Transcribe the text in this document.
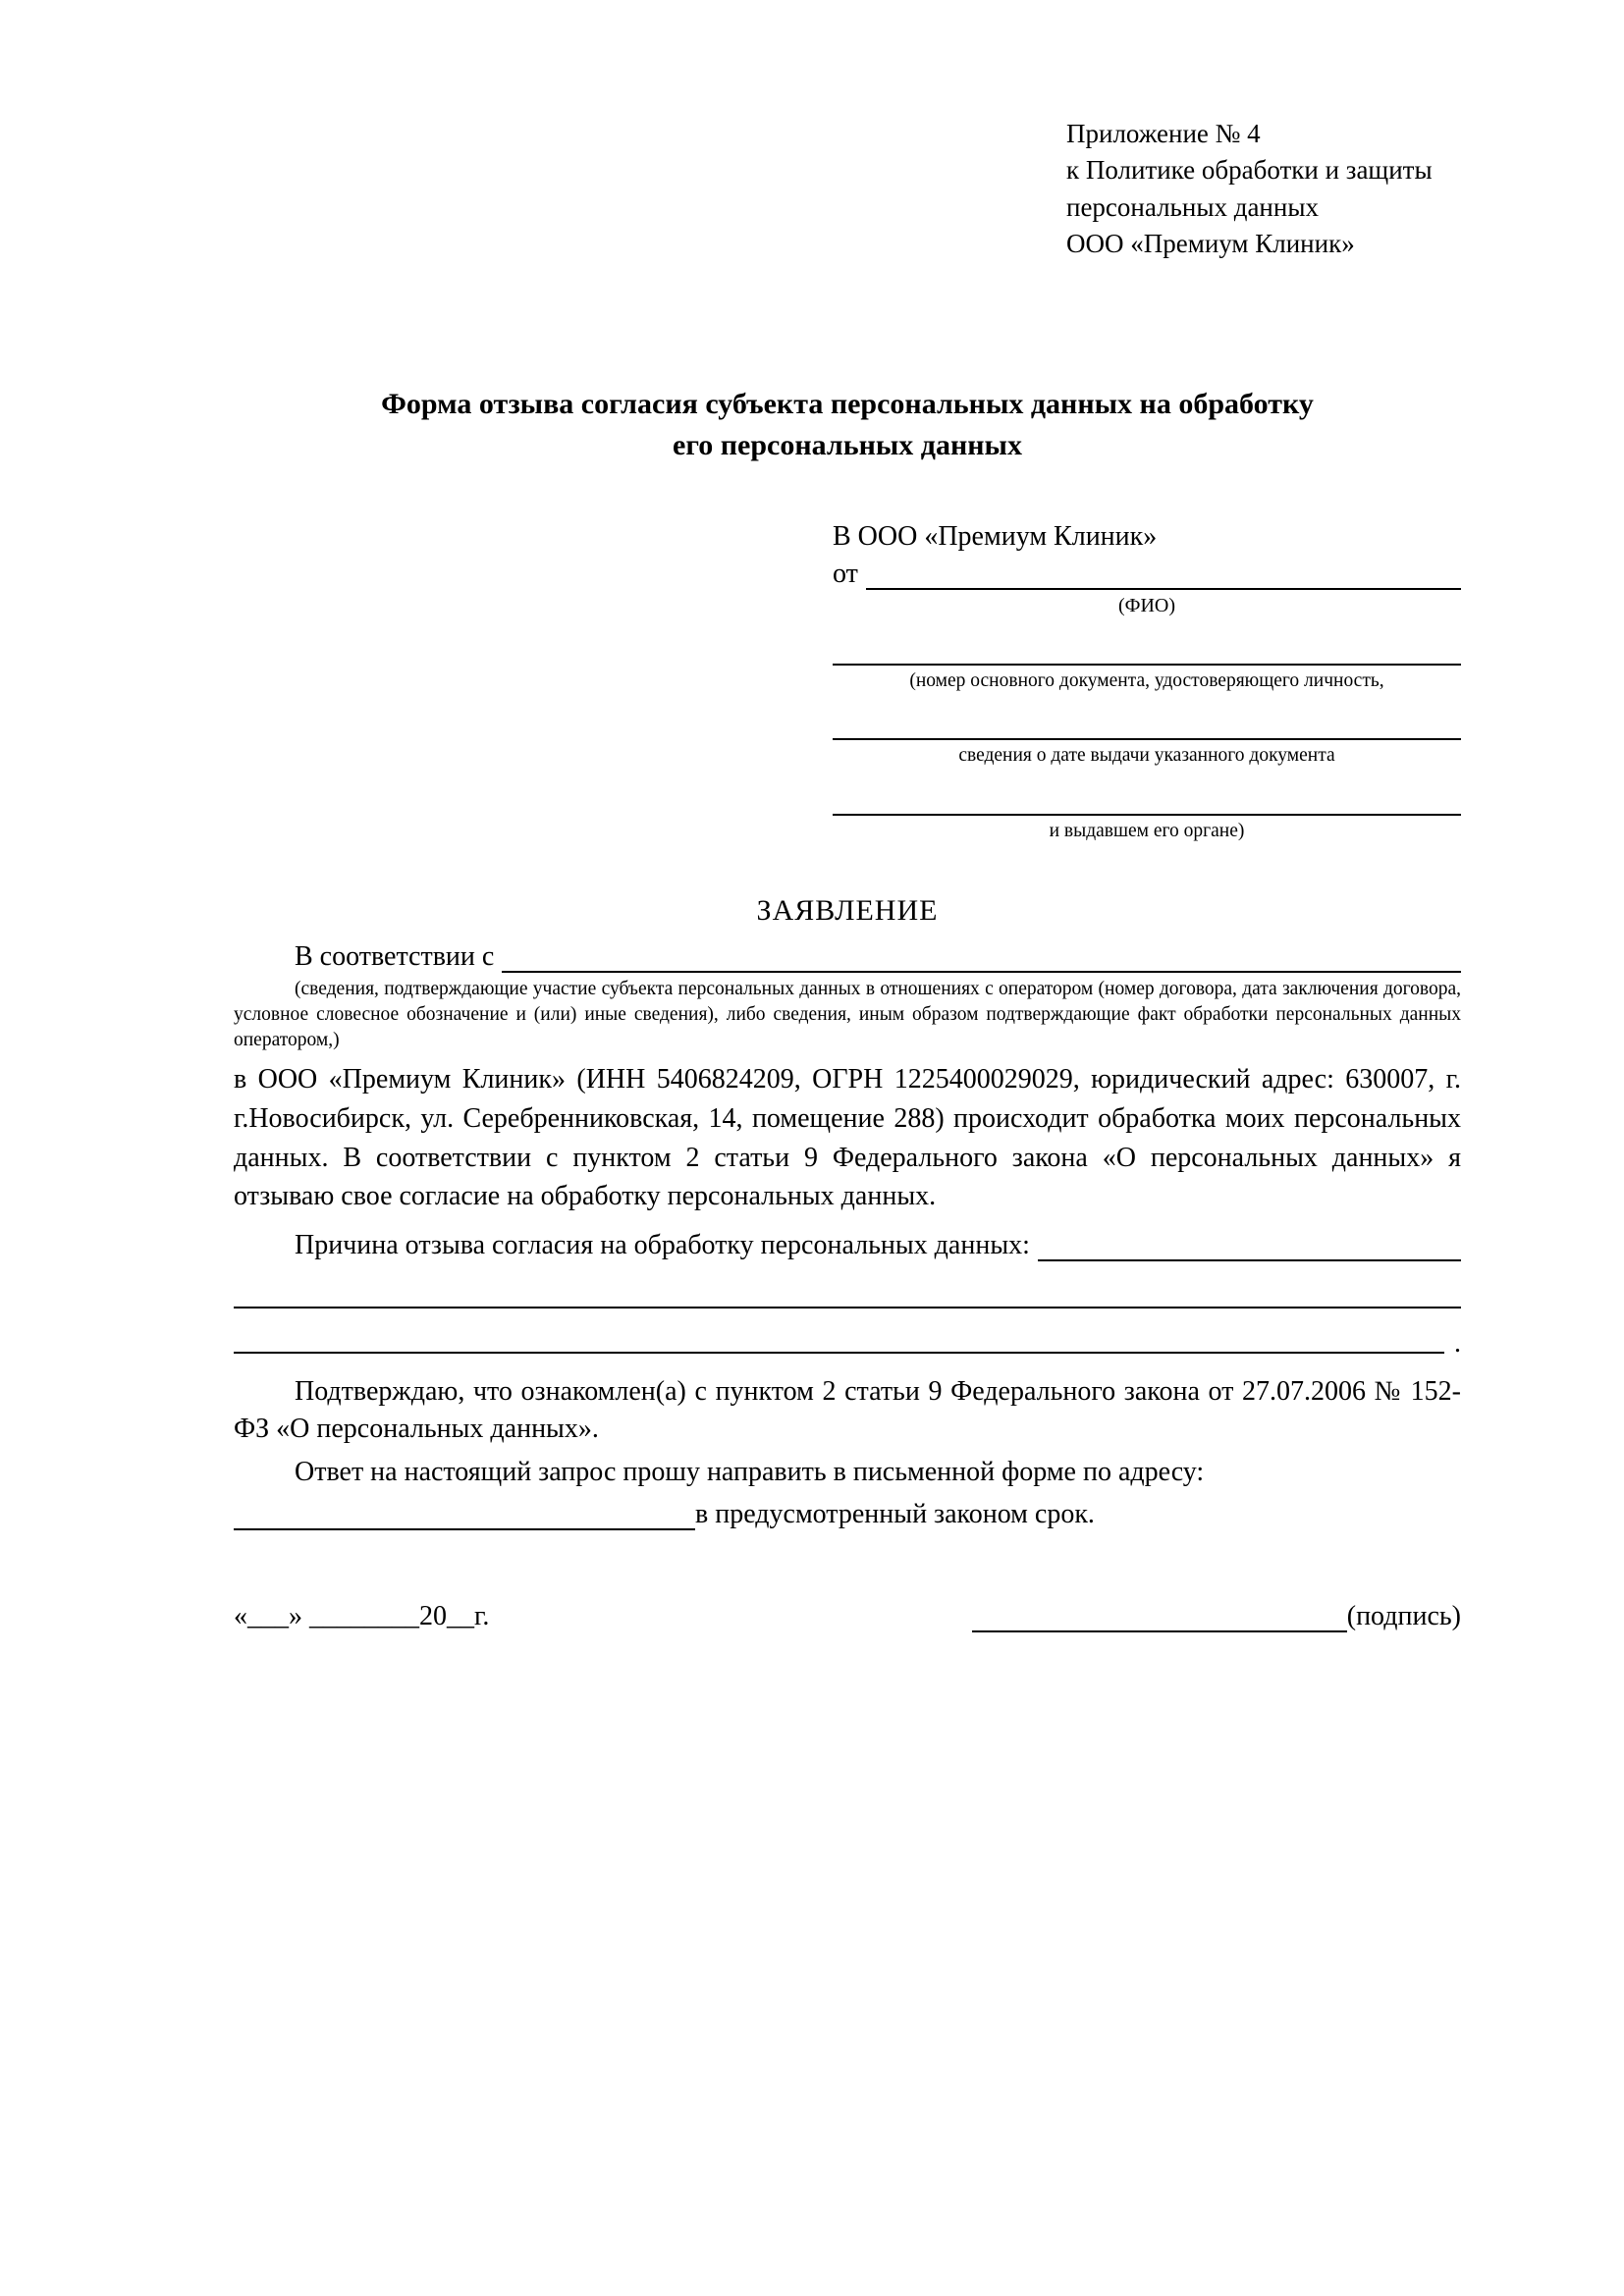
Приложение № 4
к Политике обработки и защиты
персональных данных
ООО «Премиум Клиник»
Форма отзыва согласия субъекта персональных данных на обработку
его персональных данных
В ООО «Премиум Клиник»
от
(ФИО)
(номер основного документа, удостоверяющего личность,
сведения о дате выдачи указанного документа
и выдавшем его органе)
ЗАЯВЛЕНИЕ
В соответствии с
(сведения, подтверждающие участие субъекта персональных данных в отношениях с оператором (номер договора, дата заключения договора, условное словесное обозначение и (или) иные сведения), либо сведения, иным образом подтверждающие факт обработки персональных данных оператором,)
в ООО «Премиум Клиник» (ИНН 5406824209, ОГРН 1225400029029, юридический адрес: 630007, г. г.Новосибирск, ул. Серебренниковская, 14, помещение 288) происходит обработка моих персональных данных. В соответствии с пунктом 2 статьи 9 Федерального закона «О персональных данных» я отзываю свое согласие на обработку персональных данных.
Причина отзыва согласия на обработку персональных данных:
.
Подтверждаю, что ознакомлен(а) с пунктом 2 статьи 9 Федерального закона от 27.07.2006 № 152-ФЗ «О персональных данных».
Ответ на настоящий запрос прошу направить в письменной форме по адресу:
в предусмотренный законом срок.
«___» ________20__г.	(подпись)
